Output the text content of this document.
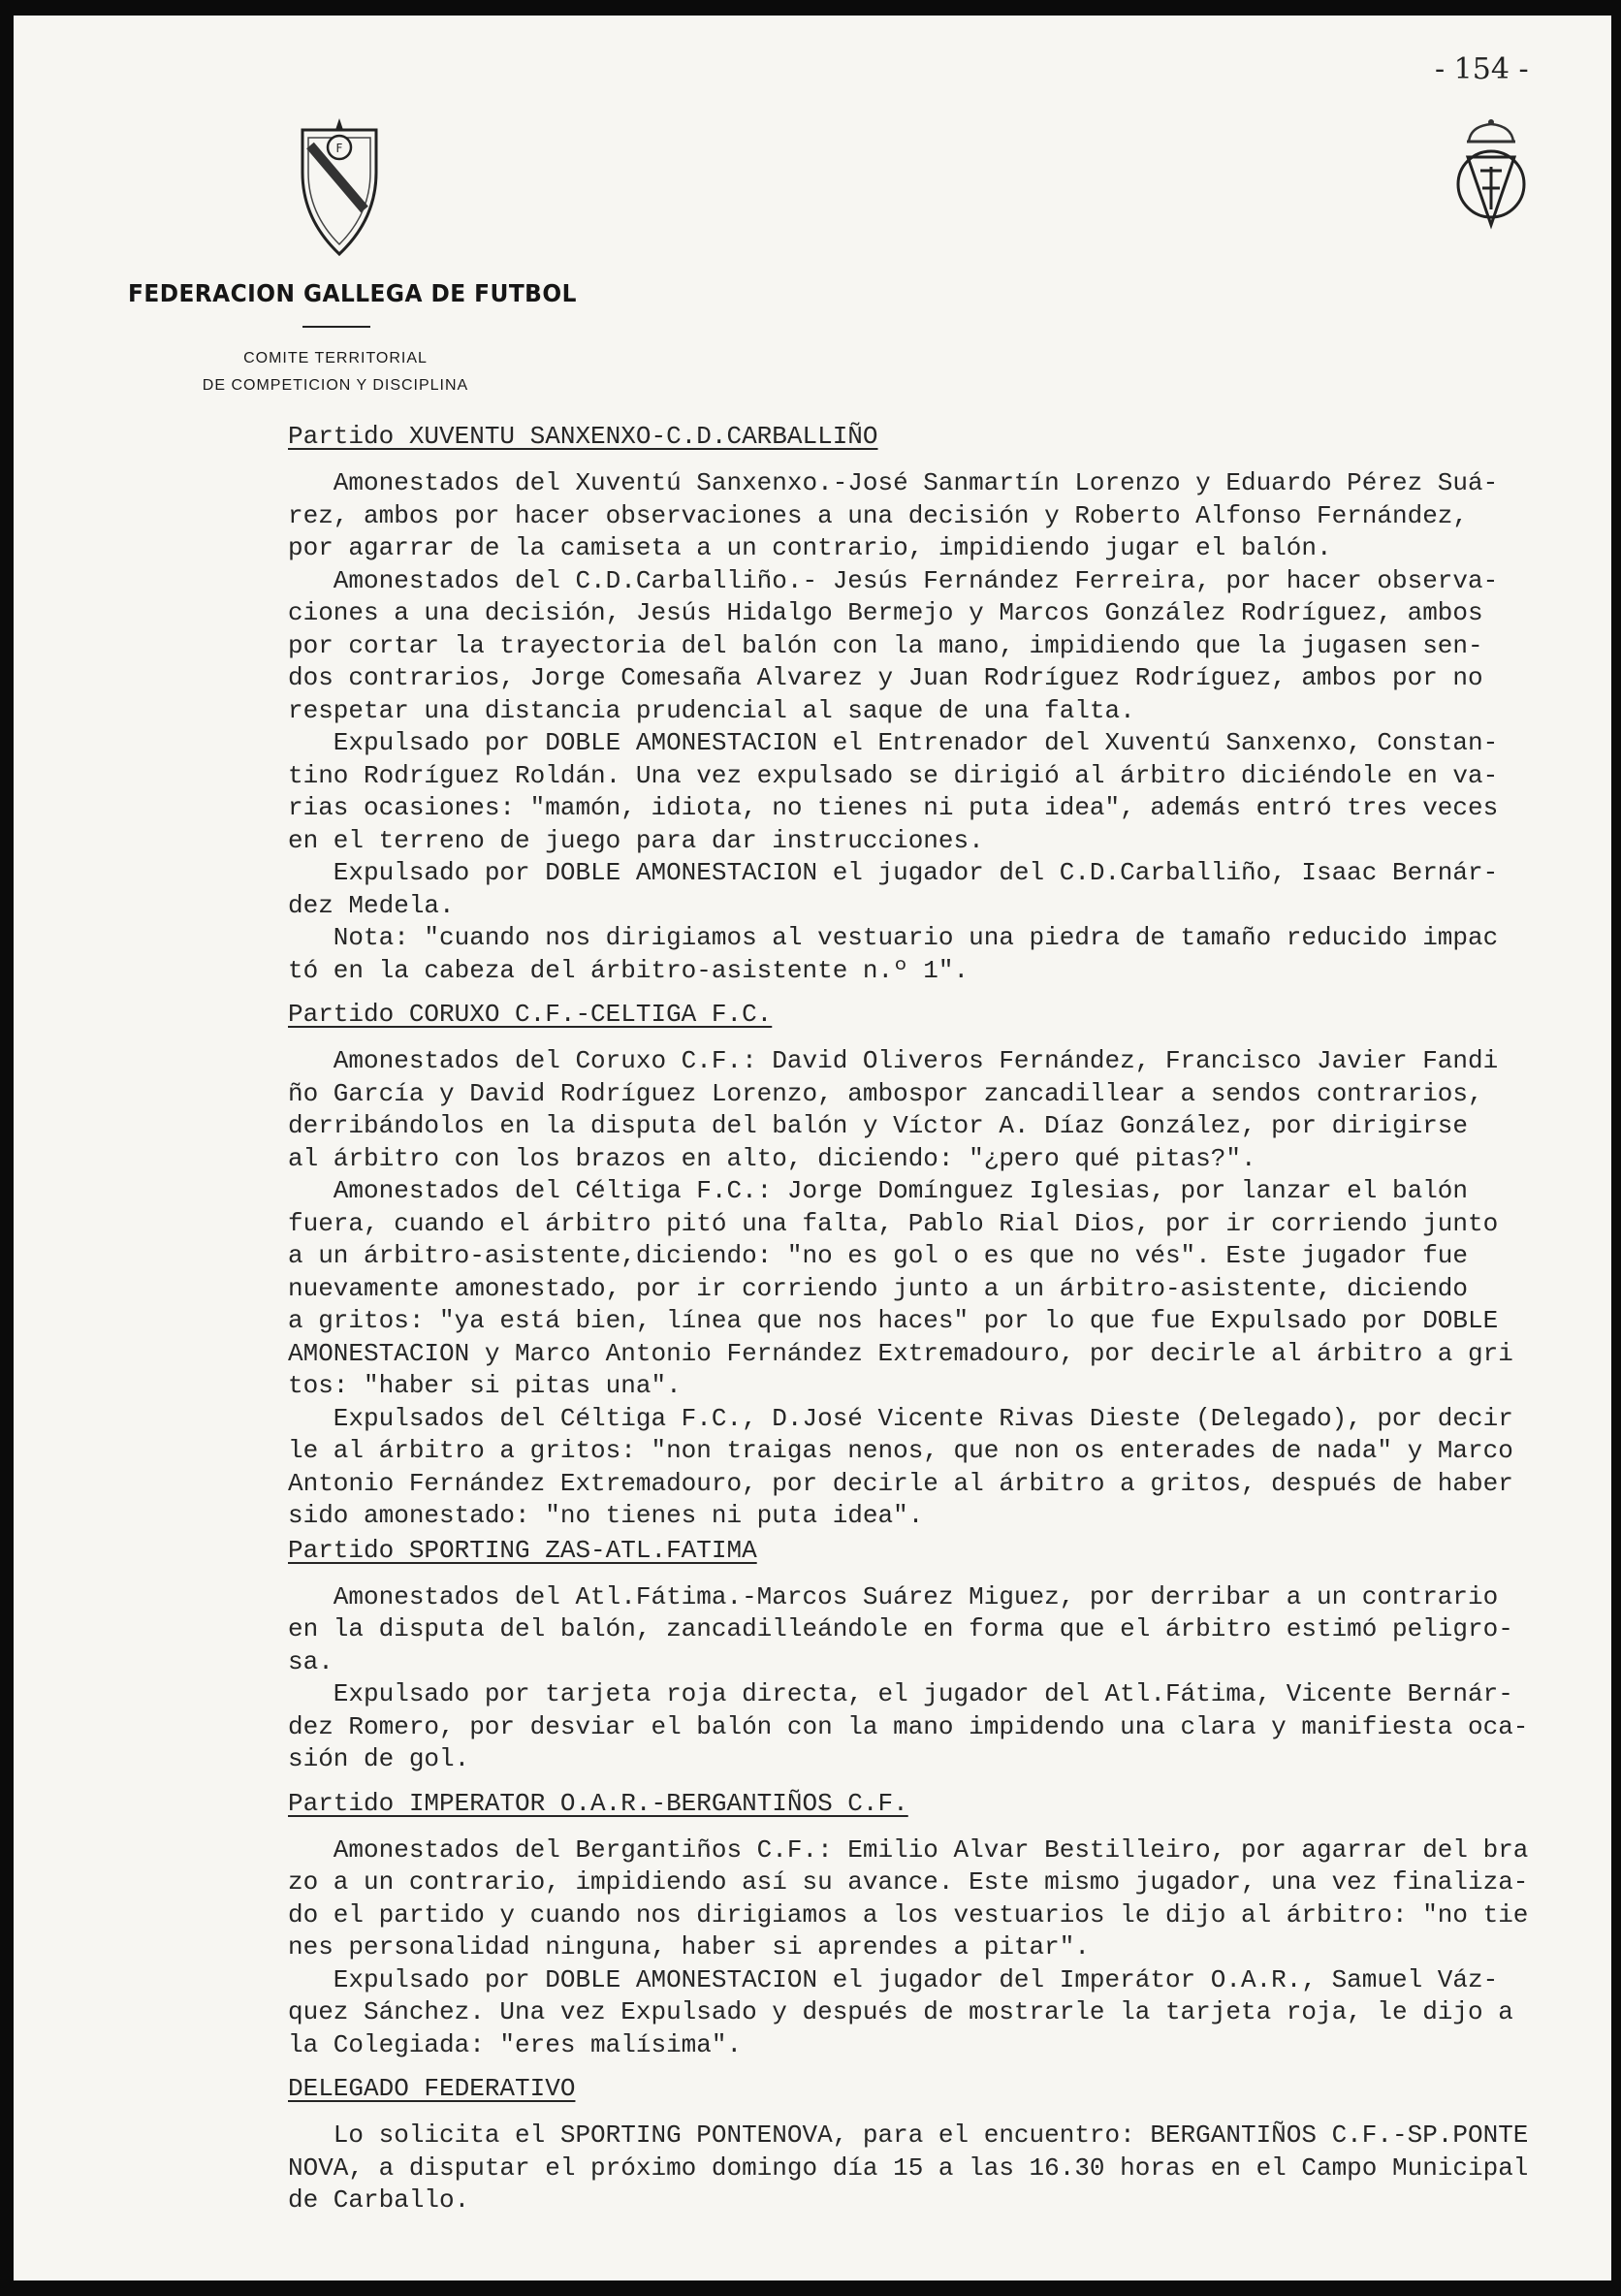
- 154 -
F
FEDERACION GALLEGA DE FUTBOL
COMITE TERRITORIAL
DE COMPETICION Y DISCIPLINA
Partido XUVENTU SANXENXO-C.D.CARBALLIÑO
Amonestados del Xuventú Sanxenxo.-José Sanmartín Lorenzo y Eduardo Pérez Suá-
rez, ambos por hacer observaciones a una decisión y Roberto Alfonso Fernández,
por agarrar de la camiseta a un contrario, impidiendo jugar el balón.
Amonestados del C.D.Carballiño.- Jesús Fernández Ferreira, por hacer observa-
ciones a una decisión, Jesús Hidalgo Bermejo y Marcos González Rodríguez, ambos
por cortar la trayectoria del balón con la mano, impidiendo que la jugasen sen-
dos contrarios, Jorge Comesaña Alvarez y Juan Rodríguez Rodríguez, ambos por no
respetar una distancia prudencial al saque de una falta.
Expulsado por DOBLE AMONESTACION el Entrenador del Xuventú Sanxenxo, Constan-
tino Rodríguez Roldán. Una vez expulsado se dirigió al árbitro diciéndole en va-
rias ocasiones: "mamón, idiota, no tienes ni puta idea", además entró tres veces
en el terreno de juego para dar instrucciones.
Expulsado por DOBLE AMONESTACION el jugador del C.D.Carballiño, Isaac Bernár-
dez Medela.
Nota: "cuando nos dirigiamos al vestuario una piedra de tamaño reducido impac
tó en la cabeza del árbitro-asistente n.º 1".
Partido CORUXO C.F.-CELTIGA F.C.
Amonestados del Coruxo C.F.: David Oliveros Fernández, Francisco Javier Fandi
ño García y David Rodríguez Lorenzo, ambospor zancadillear a sendos contrarios,
derribándolos en la disputa del balón y Víctor A. Díaz González, por dirigirse
al árbitro con los brazos en alto, diciendo: "¿pero qué pitas?".
Amonestados del Céltiga F.C.: Jorge Domínguez Iglesias, por lanzar el balón
fuera, cuando el árbitro pitó una falta, Pablo Rial Dios, por ir corriendo junto
a un árbitro-asistente,diciendo: "no es gol o es que no vés". Este jugador fue
nuevamente amonestado, por ir corriendo junto a un árbitro-asistente, diciendo
a gritos: "ya está bien, línea que nos haces" por lo que fue Expulsado por DOBLE
AMONESTACION y Marco Antonio Fernández Extremadouro, por decirle al árbitro a gri
tos: "haber si pitas una".
Expulsados del Céltiga F.C., D.José Vicente Rivas Dieste (Delegado), por decir
le al árbitro a gritos: "non traigas nenos, que non os enterades de nada" y Marco
Antonio Fernández Extremadouro, por decirle al árbitro a gritos, después de haber
sido amonestado: "no tienes ni puta idea".
Partido SPORTING ZAS-ATL.FATIMA
Amonestados del Atl.Fátima.-Marcos Suárez Miguez, por derribar a un contrario
en la disputa del balón, zancadilleándole en forma que el árbitro estimó peligro-
sa.
Expulsado por tarjeta roja directa, el jugador del Atl.Fátima, Vicente Bernár-
dez Romero, por desviar el balón con la mano impidendo una clara y manifiesta oca-
sión de gol.
Partido IMPERATOR O.A.R.-BERGANTIÑOS C.F.
Amonestados del Bergantiños C.F.: Emilio Alvar Bestilleiro, por agarrar del bra
zo a un contrario, impidiendo así su avance. Este mismo jugador, una vez finaliza-
do el partido y cuando nos dirigiamos a los vestuarios le dijo al árbitro: "no tie
nes personalidad ninguna, haber si aprendes a pitar".
Expulsado por DOBLE AMONESTACION el jugador del Imperátor O.A.R., Samuel Váz-
quez Sánchez. Una vez Expulsado y después de mostrarle la tarjeta roja, le dijo a
la Colegiada: "eres malísima".
DELEGADO FEDERATIVO
Lo solicita el SPORTING PONTENOVA, para el encuentro: BERGANTIÑOS C.F.-SP.PONTE
NOVA, a disputar el próximo domingo día 15 a las 16.30 horas en el Campo Municipal
de Carballo.
